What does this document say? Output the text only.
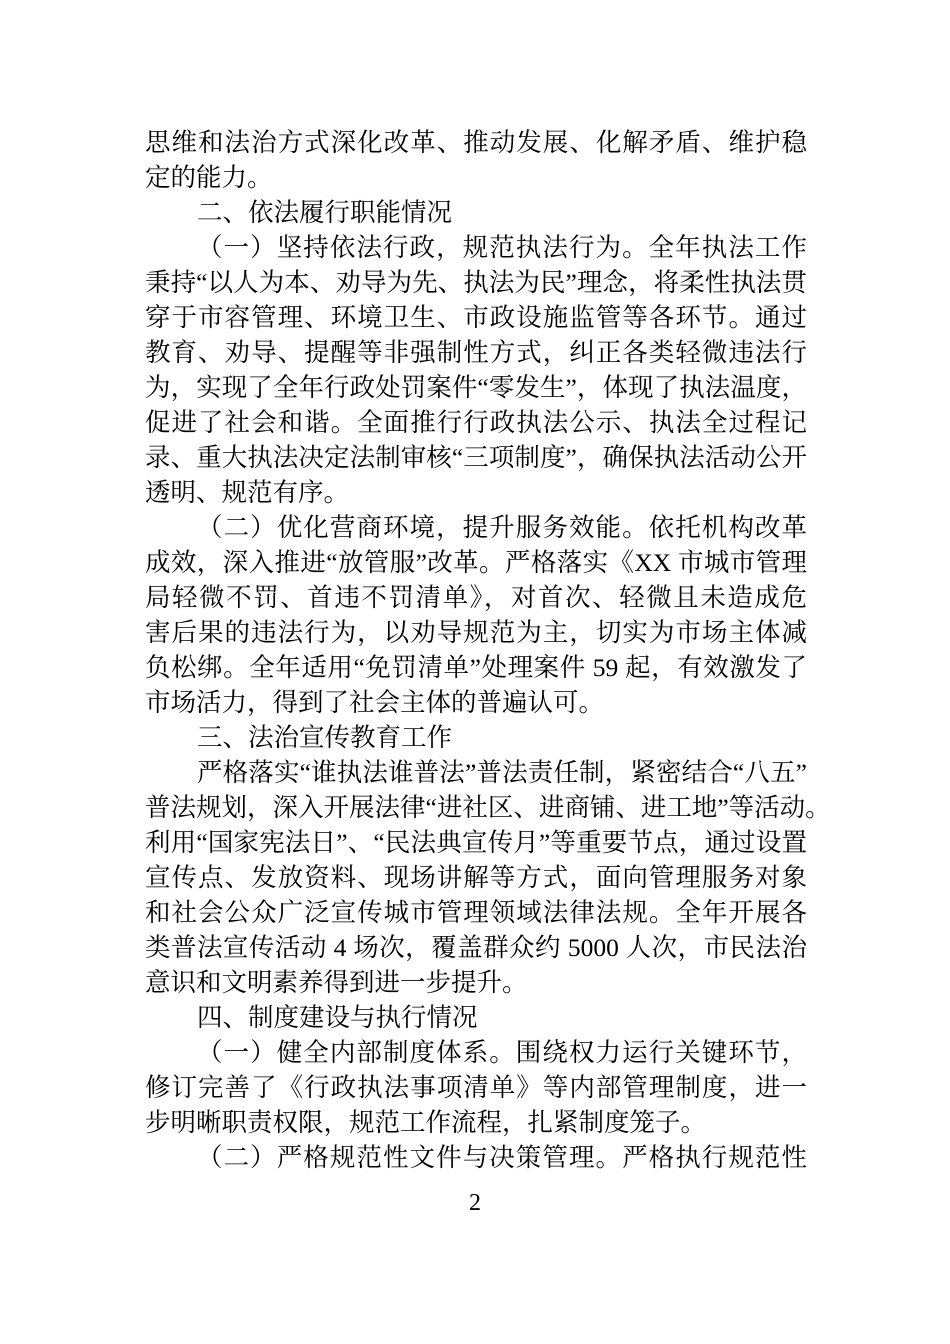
思维和法治方式深化改革、推动发展、化解矛盾、维护稳
定的能力。
二、依法履行职能情况
（一）坚持依法行政，规范执法行为。全年执法工作
秉持“以人为本、劝导为先、执法为民”理念，将柔性执法贯
穿于市容管理、环境卫生、市政设施监管等各环节。通过
教育、劝导、提醒等非强制性方式，纠正各类轻微违法行
为，实现了全年行政处罚案件“零发生”，体现了执法温度，
促进了社会和谐。全面推行行政执法公示、执法全过程记
录、重大执法决定法制审核“三项制度”，确保执法活动公开
透明、规范有序。
（二）优化营商环境，提升服务效能。依托机构改革
成效，深入推进“放管服”改革。严格落实《XX 市城市管理
局轻微不罚、首违不罚清单》，对首次、轻微且未造成危
害后果的违法行为，以劝导规范为主，切实为市场主体减
负松绑。全年适用“免罚清单”处理案件 59 起，有效激发了
市场活力，得到了社会主体的普遍认可。
三、法治宣传教育工作
严格落实“谁执法谁普法”普法责任制，紧密结合“八五”
普法规划，深入开展法律“进社区、进商铺、进工地”等活动。
利用“国家宪法日”、“民法典宣传月”等重要节点，通过设置
宣传点、发放资料、现场讲解等方式，面向管理服务对象
和社会公众广泛宣传城市管理领域法律法规。全年开展各
类普法宣传活动 4 场次，覆盖群众约 5000 人次，市民法治
意识和文明素养得到进一步提升。
四、制度建设与执行情况
（一）健全内部制度体系。围绕权力运行关键环节，
修订完善了《行政执法事项清单》等内部管理制度，进一
步明晰职责权限，规范工作流程，扎紧制度笼子。
（二）严格规范性文件与决策管理。严格执行规范性
2
